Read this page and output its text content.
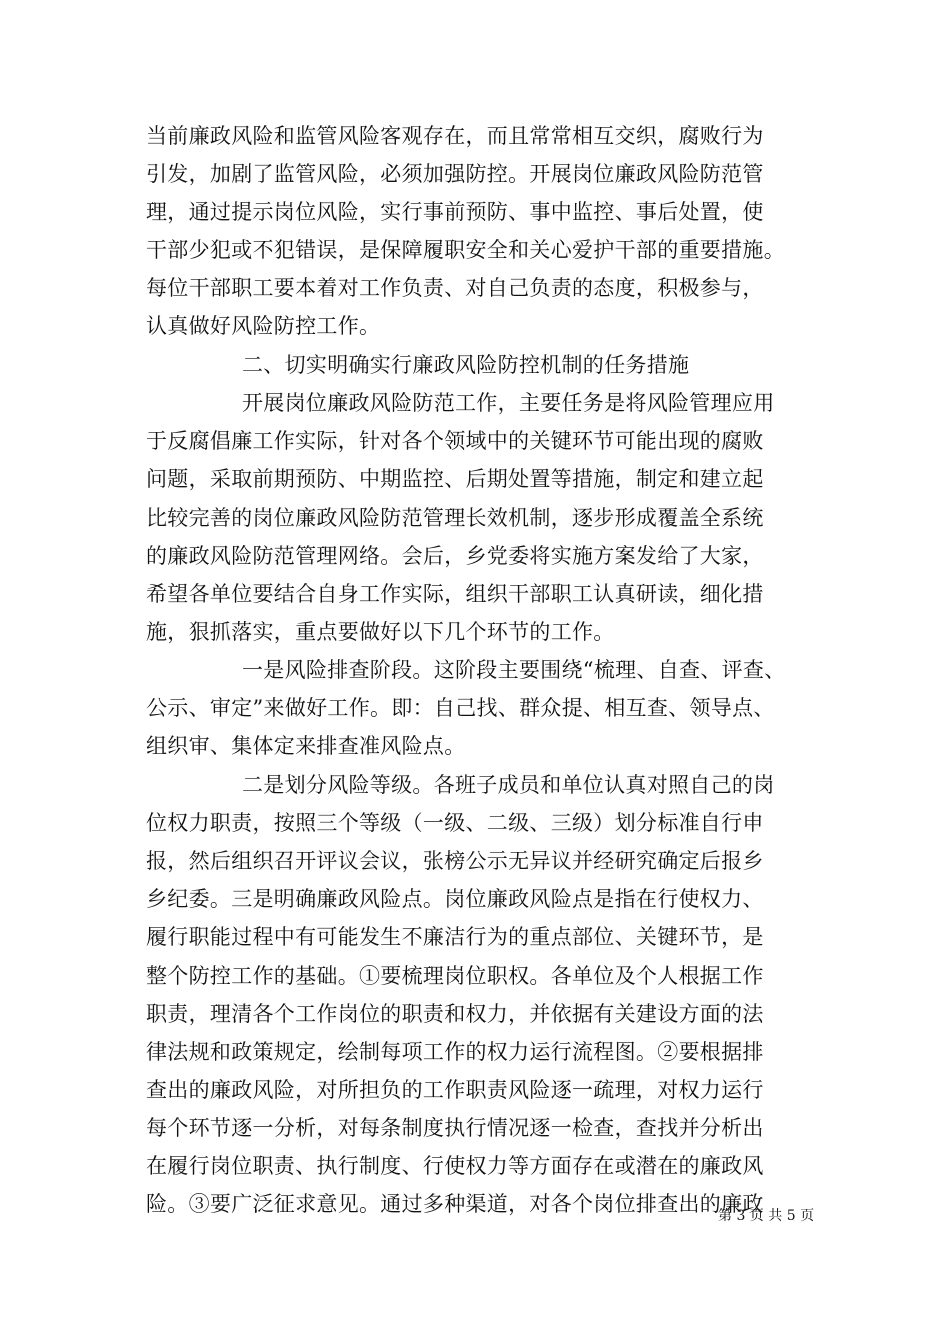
当前廉政风险和监管风险客观存在，而且常常相互交织，腐败行为
引发，加剧了监管风险，必须加强防控。开展岗位廉政风险防范管
理，通过提示岗位风险，实行事前预防、事中监控、事后处置，使
干部少犯或不犯错误，是保障履职安全和关心爱护干部的重要措施。
每位干部职工要本着对工作负责、对自己负责的态度，积极参与，
认真做好风险防控工作。
二、切实明确实行廉政风险防控机制的任务措施
开展岗位廉政风险防范工作，主要任务是将风险管理应用
于反腐倡廉工作实际，针对各个领域中的关键环节可能出现的腐败
问题，采取前期预防、中期监控、后期处置等措施，制定和建立起
比较完善的岗位廉政风险防范管理长效机制，逐步形成覆盖全系统
的廉政风险防范管理网络。会后，乡党委将实施方案发给了大家，
希望各单位要结合自身工作实际，组织干部职工认真研读，细化措
施，狠抓落实，重点要做好以下几个环节的工作。
一是风险排查阶段。这阶段主要围绕“梳理、自查、评查、
公示、审定”来做好工作。即：自己找、群众提、相互查、领导点、
组织审、集体定来排查准风险点。
二是划分风险等级。各班子成员和单位认真对照自己的岗
位权力职责，按照三个等级（一级、二级、三级）划分标准自行申
报，然后组织召开评议会议，张榜公示无异议并经研究确定后报乡
乡纪委。三是明确廉政风险点。岗位廉政风险点是指在行使权力、
履行职能过程中有可能发生不廉洁行为的重点部位、关键环节，是
整个防控工作的基础。①要梳理岗位职权。各单位及个人根据工作
职责，理清各个工作岗位的职责和权力，并依据有关建设方面的法
律法规和政策规定，绘制每项工作的权力运行流程图。②要根据排
查出的廉政风险，对所担负的工作职责风险逐一疏理，对权力运行
每个环节逐一分析，对每条制度执行情况逐一检查，查找并分析出
在履行岗位职责、执行制度、行使权力等方面存在或潜在的廉政风
险。③要广泛征求意见。通过多种渠道，对各个岗位排查出的廉政
第 3 页 共 5 页
